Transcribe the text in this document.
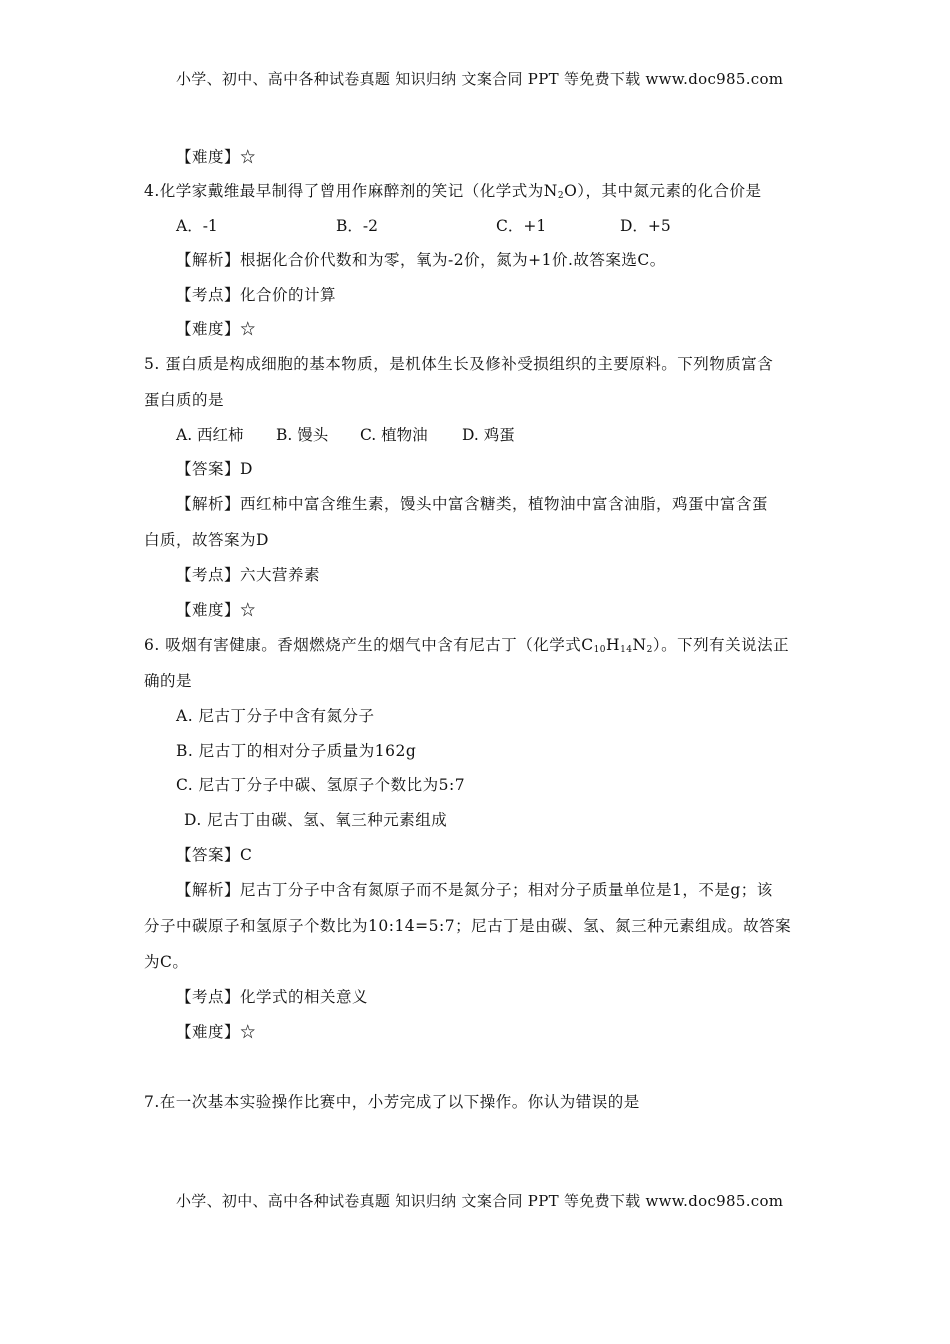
小学、初中、高中各种试卷真题 知识归纳 文案合同 PPT 等免费下载 www.doc985.com
【难度】☆
4.化学家戴维最早制得了曾用作麻醉剂的笑记（化学式为$N_2O$），其中氮元素的化合价是
A．-1	B．-2	C．+1	D．+5
【解析】根据化合价代数和为零，氧为-2价，氮为+1价.故答案选C。
【考点】化合价的计算
【难度】☆
5. 蛋白质是构成细胞的基本物质，是机体生长及修补受损组织的主要原料。下列物质富含
蛋白质的是
A. 西红柿 B. 馒头 C. 植物油 D. 鸡蛋
【答案】D
【解析】西红柿中富含维生素，馒头中富含糖类，植物油中富含油脂，鸡蛋中富含蛋
白质，故答案为D
【考点】六大营养素
【难度】☆
6. 吸烟有害健康。香烟燃烧产生的烟气中含有尼古丁（化学式$C_{10}H_{14}N_2$）。下列有关说法正
确的是
A. 尼古丁分子中含有氮分子
B. 尼古丁的相对分子质量为162g
C. 尼古丁分子中碳、氢原子个数比为5:7
D. 尼古丁由碳、氢、氧三种元素组成
【答案】C
【解析】尼古丁分子中含有氮原子而不是氮分子；相对分子质量单位是1，不是g；该
分子中碳原子和氢原子个数比为10:14=5:7；尼古丁是由碳、氢、氮三种元素组成。故答案
为C。
【考点】化学式的相关意义
【难度】☆
7.在一次基本实验操作比赛中，小芳完成了以下操作。你认为错误的是
小学、初中、高中各种试卷真题 知识归纳 文案合同 PPT 等免费下载 www.doc985.com
